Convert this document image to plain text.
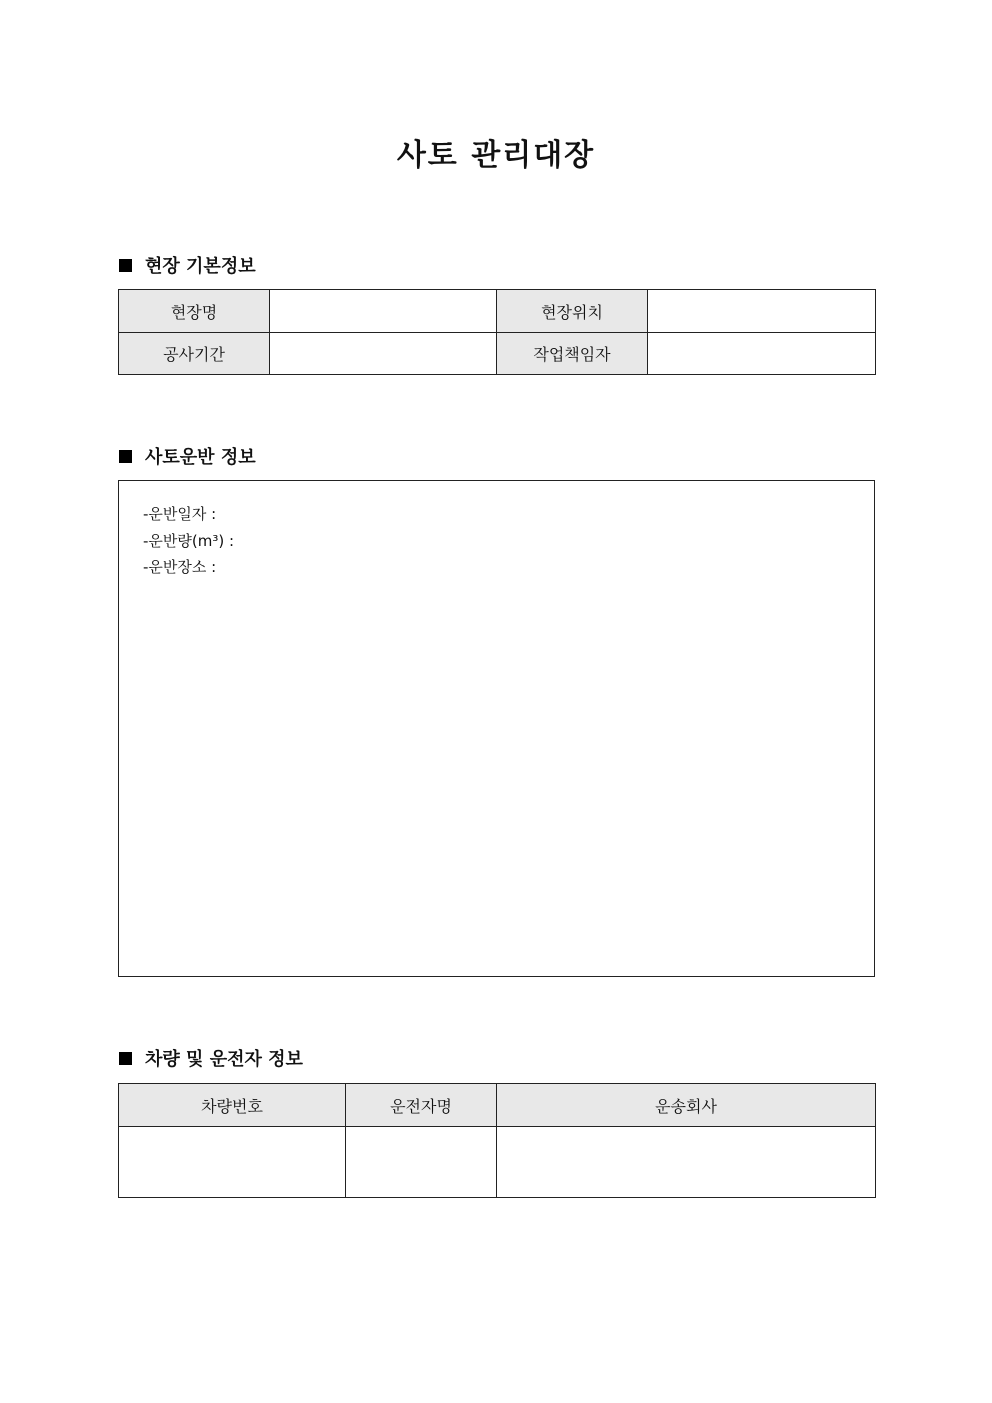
사토 관리대장
현장 기본정보
현장명		현장위치	
공사기간		작업책임자	
사토운반 정보
-운반일자 :
-운반량(m³) :
-운반장소 :
차량 및 운전자 정보
차량번호	운전자명	운송회사
